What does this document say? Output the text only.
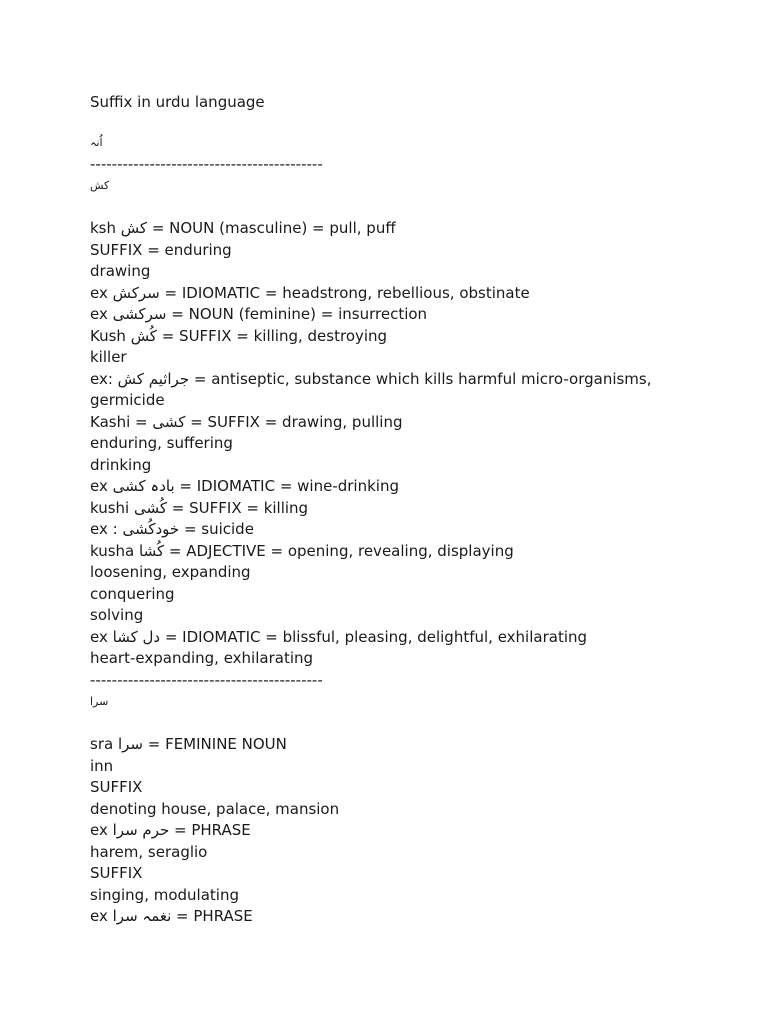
Suffix in urdu language
اُنہ
-------------------------------------------
کش
ksh کش = NOUN (masculine) = pull, puff
SUFFIX = enduring
drawing
ex سرکش = IDIOMATIC = headstrong, rebellious, obstinate
ex سرکشی = NOUN (feminine) = insurrection
Kush کُش = SUFFIX = killing, destroying
killer
ex: جراثیم کش = antiseptic, substance which kills harmful micro-organisms,
germicide
Kashi = کشی = SUFFIX = drawing, pulling
enduring, suffering
drinking
ex بادہ کشی = IDIOMATIC = wine-drinking
kushi کُشی = SUFFIX = killing
ex : خودکُشی = suicide
kusha کُشا = ADJECTIVE = opening, revealing, displaying
loosening, expanding
conquering
solving
ex دل کشا = IDIOMATIC = blissful, pleasing, delightful, exhilarating
heart-expanding, exhilarating
-------------------------------------------
سرا
sra سرا = FEMININE NOUN
inn
SUFFIX
denoting house, palace, mansion
ex حرم سرا = PHRASE
harem, seraglio
SUFFIX
singing, modulating
ex نغمہ سرا = PHRASE
